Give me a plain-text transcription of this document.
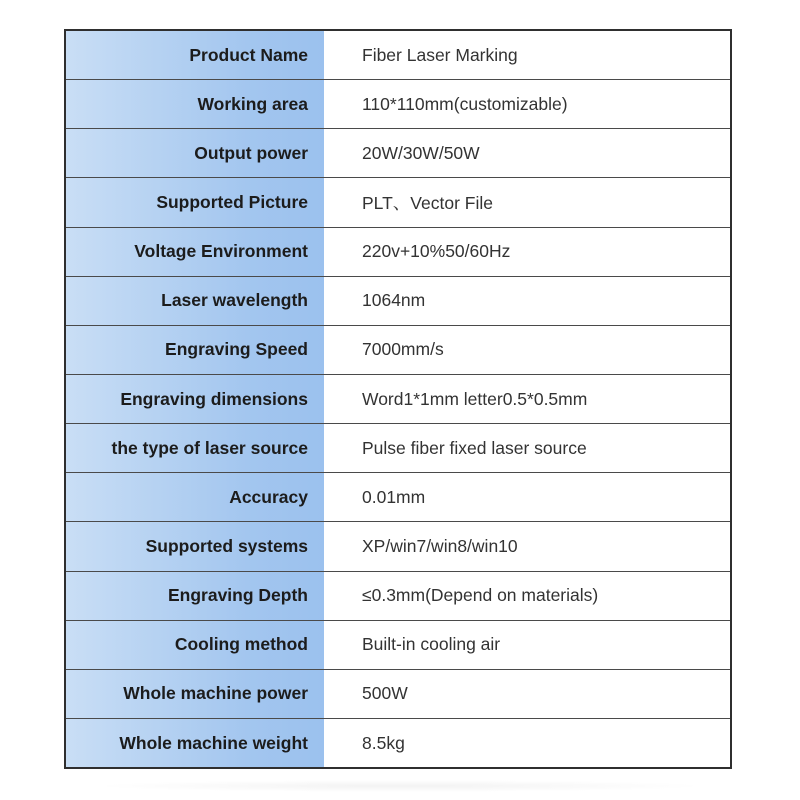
Product Name	Fiber Laser Marking
Working area	110*110mm(customizable)
Output power	20W/30W/50W
Supported Picture	PLT、Vector File
Voltage Environment	220v+10%50/60Hz
Laser wavelength	1064nm
Engraving Speed	7000mm/s
Engraving dimensions	Word1*1mm letter0.5*0.5mm
the type of laser source	Pulse fiber fixed laser source
Accuracy	0.01mm
Supported systems	XP/win7/win8/win10
Engraving Depth	≤0.3mm(Depend on materials)
Cooling method	Built-in cooling air
Whole machine power	500W
Whole machine weight	8.5kg
